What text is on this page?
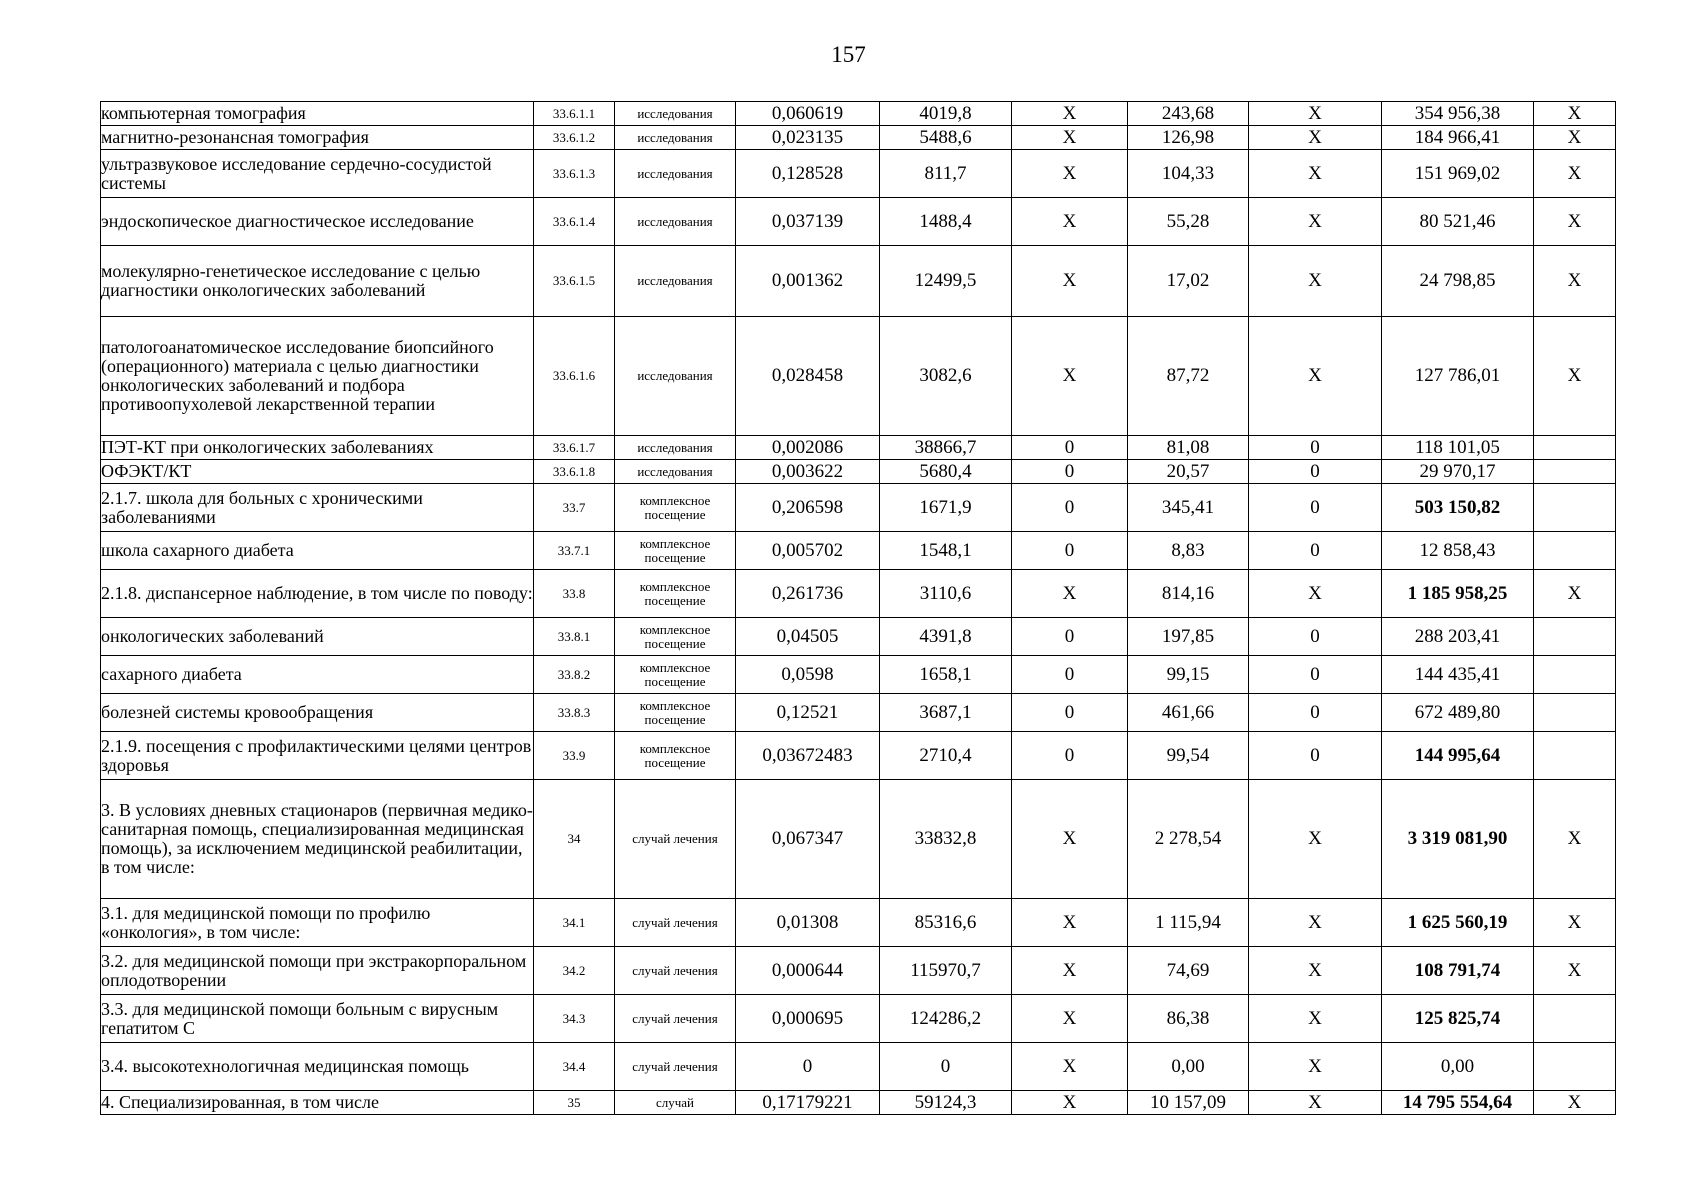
157
компьютерная томография	33.6.1.1	исследования	0,060619	4019,8	X	243,68	X	354 956,38	X
магнитно-резонансная томография	33.6.1.2	исследования	0,023135	5488,6	X	126,98	X	184 966,41	X
ультразвуковое исследование сердечно-сосудистой системы	33.6.1.3	исследования	0,128528	811,7	X	104,33	X	151 969,02	X
эндоскопическое диагностическое исследование	33.6.1.4	исследования	0,037139	1488,4	X	55,28	X	80 521,46	X
молекулярно-генетическое исследование с целью диагностики онкологических заболеваний	33.6.1.5	исследования	0,001362	12499,5	X	17,02	X	24 798,85	X
патологоанатомическое исследование биопсийного (операционного) материала с целью диагностики онкологических заболеваний и подбора противоопухолевой лекарственной терапии	33.6.1.6	исследования	0,028458	3082,6	X	87,72	X	127 786,01	X
ПЭТ-КТ при онкологических заболеваниях	33.6.1.7	исследования	0,002086	38866,7	0	81,08	0	118 101,05	
ОФЭКТ/КТ	33.6.1.8	исследования	0,003622	5680,4	0	20,57	0	29 970,17	
2.1.7. школа для больных с хроническими заболеваниями	33.7	комплексное посещение	0,206598	1671,9	0	345,41	0	503 150,82	
школа сахарного диабета	33.7.1	комплексное посещение	0,005702	1548,1	0	8,83	0	12 858,43	
2.1.8. диспансерное наблюдение, в том числе по поводу:	33.8	комплексное посещение	0,261736	3110,6	X	814,16	X	1 185 958,25	X
онкологических заболеваний	33.8.1	комплексное посещение	0,04505	4391,8	0	197,85	0	288 203,41	
сахарного диабета	33.8.2	комплексное посещение	0,0598	1658,1	0	99,15	0	144 435,41	
болезней системы кровообращения	33.8.3	комплексное посещение	0,12521	3687,1	0	461,66	0	672 489,80	
2.1.9. посещения с профилактическими целями центров здоровья	33.9	комплексное посещение	0,03672483	2710,4	0	99,54	0	144 995,64	
3. В условиях дневных стационаров (первичная медико-санитарная помощь, специализированная медицинская помощь), за исключением медицинской реабилитации, в том числе:	34	случай лечения	0,067347	33832,8	X	2 278,54	X	3 319 081,90	X
3.1. для медицинской помощи по профилю «онкология», в том числе:	34.1	случай лечения	0,01308	85316,6	X	1 115,94	X	1 625 560,19	X
3.2. для медицинской помощи при экстракорпоральном оплодотворении	34.2	случай лечения	0,000644	115970,7	X	74,69	X	108 791,74	X
3.3. для медицинской помощи больным с вирусным гепатитом С	34.3	случай лечения	0,000695	124286,2	X	86,38	X	125 825,74	
3.4. высокотехнологичная медицинская помощь	34.4	случай лечения	0	0	X	0,00	X	0,00	
4. Специализированная, в том числе	35	случай	0,17179221	59124,3	X	10 157,09	X	14 795 554,64	X
